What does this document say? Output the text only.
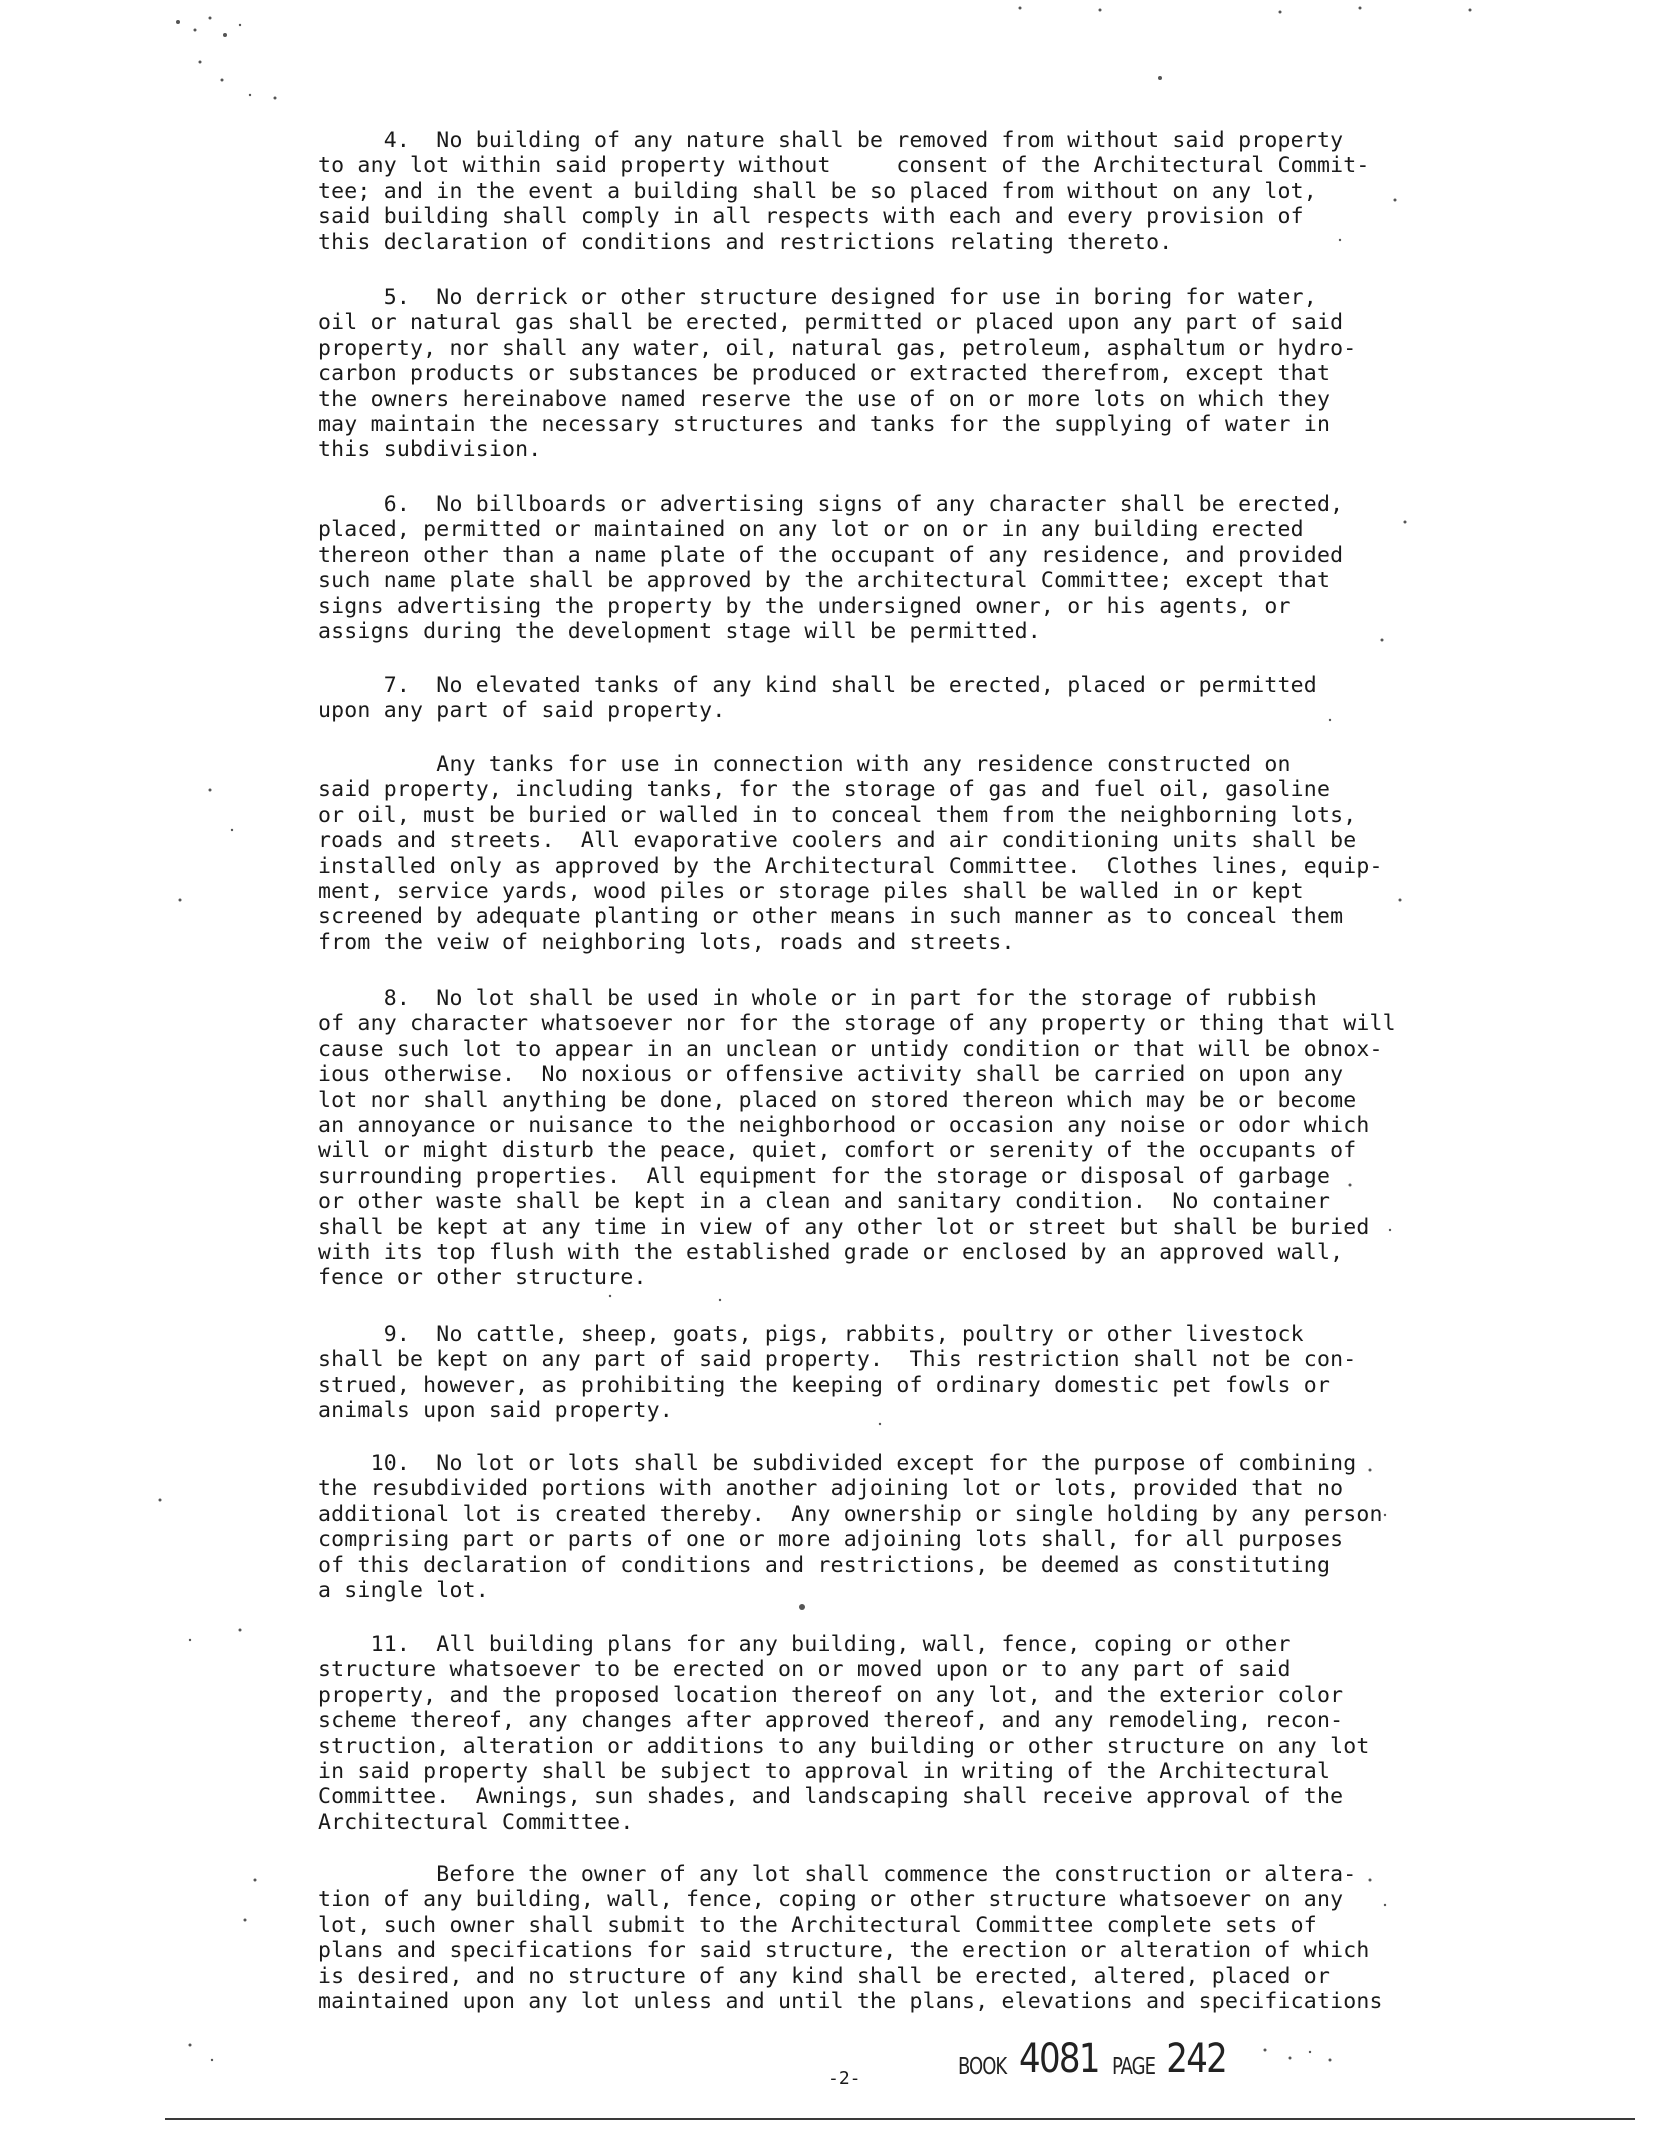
4.  No building of any nature shall be removed from without said property
to any lot within said property without     consent of the Architectural Commit-
tee; and in the event a building shall be so placed from without on any lot,
said building shall comply in all respects with each and every provision of
this declaration of conditions and restrictions relating thereto.
5.  No derrick or other structure designed for use in boring for water,
oil or natural gas shall be erected, permitted or placed upon any part of said
property, nor shall any water, oil, natural gas, petroleum, asphaltum or hydro-
carbon products or substances be produced or extracted therefrom, except that
the owners hereinabove named reserve the use of on or more lots on which they
may maintain the necessary structures and tanks for the supplying of water in
this subdivision.
6.  No billboards or advertising signs of any character shall be erected,
placed, permitted or maintained on any lot or on or in any building erected
thereon other than a name plate of the occupant of any residence, and provided
such name plate shall be approved by the architectural Committee; except that
signs advertising the property by the undersigned owner, or his agents, or
assigns during the development stage will be permitted.
7.  No elevated tanks of any kind shall be erected, placed or permitted
upon any part of said property.
Any tanks for use in connection with any residence constructed on
said property, including tanks, for the storage of gas and fuel oil, gasoline
or oil, must be buried or walled in to conceal them from the neighborning lots,
roads and streets.  All evaporative coolers and air conditioning units shall be
installed only as approved by the Architectural Committee.  Clothes lines, equip-
ment, service yards, wood piles or storage piles shall be walled in or kept
screened by adequate planting or other means in such manner as to conceal them
from the veiw of neighboring lots, roads and streets.
8.  No lot shall be used in whole or in part for the storage of rubbish
of any character whatsoever nor for the storage of any property or thing that will
cause such lot to appear in an unclean or untidy condition or that will be obnox-
ious otherwise.  No noxious or offensive activity shall be carried on upon any
lot nor shall anything be done, placed on stored thereon which may be or become
an annoyance or nuisance to the neighborhood or occasion any noise or odor which
will or might disturb the peace, quiet, comfort or serenity of the occupants of
surrounding properties.  All equipment for the storage or disposal of garbage
or other waste shall be kept in a clean and sanitary condition.  No container
shall be kept at any time in view of any other lot or street but shall be buried
with its top flush with the established grade or enclosed by an approved wall,
fence or other structure.
9.  No cattle, sheep, goats, pigs, rabbits, poultry or other livestock
shall be kept on any part of said property.  This restriction shall not be con-
strued, however, as prohibiting the keeping of ordinary domestic pet fowls or
animals upon said property.
10.  No lot or lots shall be subdivided except for the purpose of combining
the resubdivided portions with another adjoining lot or lots, provided that no
additional lot is created thereby.  Any ownership or single holding by any person
comprising part or parts of one or more adjoining lots shall, for all purposes
of this declaration of conditions and restrictions, be deemed as constituting
a single lot.
11.  All building plans for any building, wall, fence, coping or other
structure whatsoever to be erected on or moved upon or to any part of said
property, and the proposed location thereof on any lot, and the exterior color
scheme thereof, any changes after approved thereof, and any remodeling, recon-
struction, alteration or additions to any building or other structure on any lot
in said property shall be subject to approval in writing of the Architectural
Committee.  Awnings, sun shades, and landscaping shall receive approval of the
Architectural Committee.
Before the owner of any lot shall commence the construction or altera-
tion of any building, wall, fence, coping or other structure whatsoever on any
lot, such owner shall submit to the Architectural Committee complete sets of
plans and specifications for said structure, the erection or alteration of which
is desired, and no structure of any kind shall be erected, altered, placed or
maintained upon any lot unless and until the plans, elevations and specifications
-2-	BOOK 4081 PAGE 242
